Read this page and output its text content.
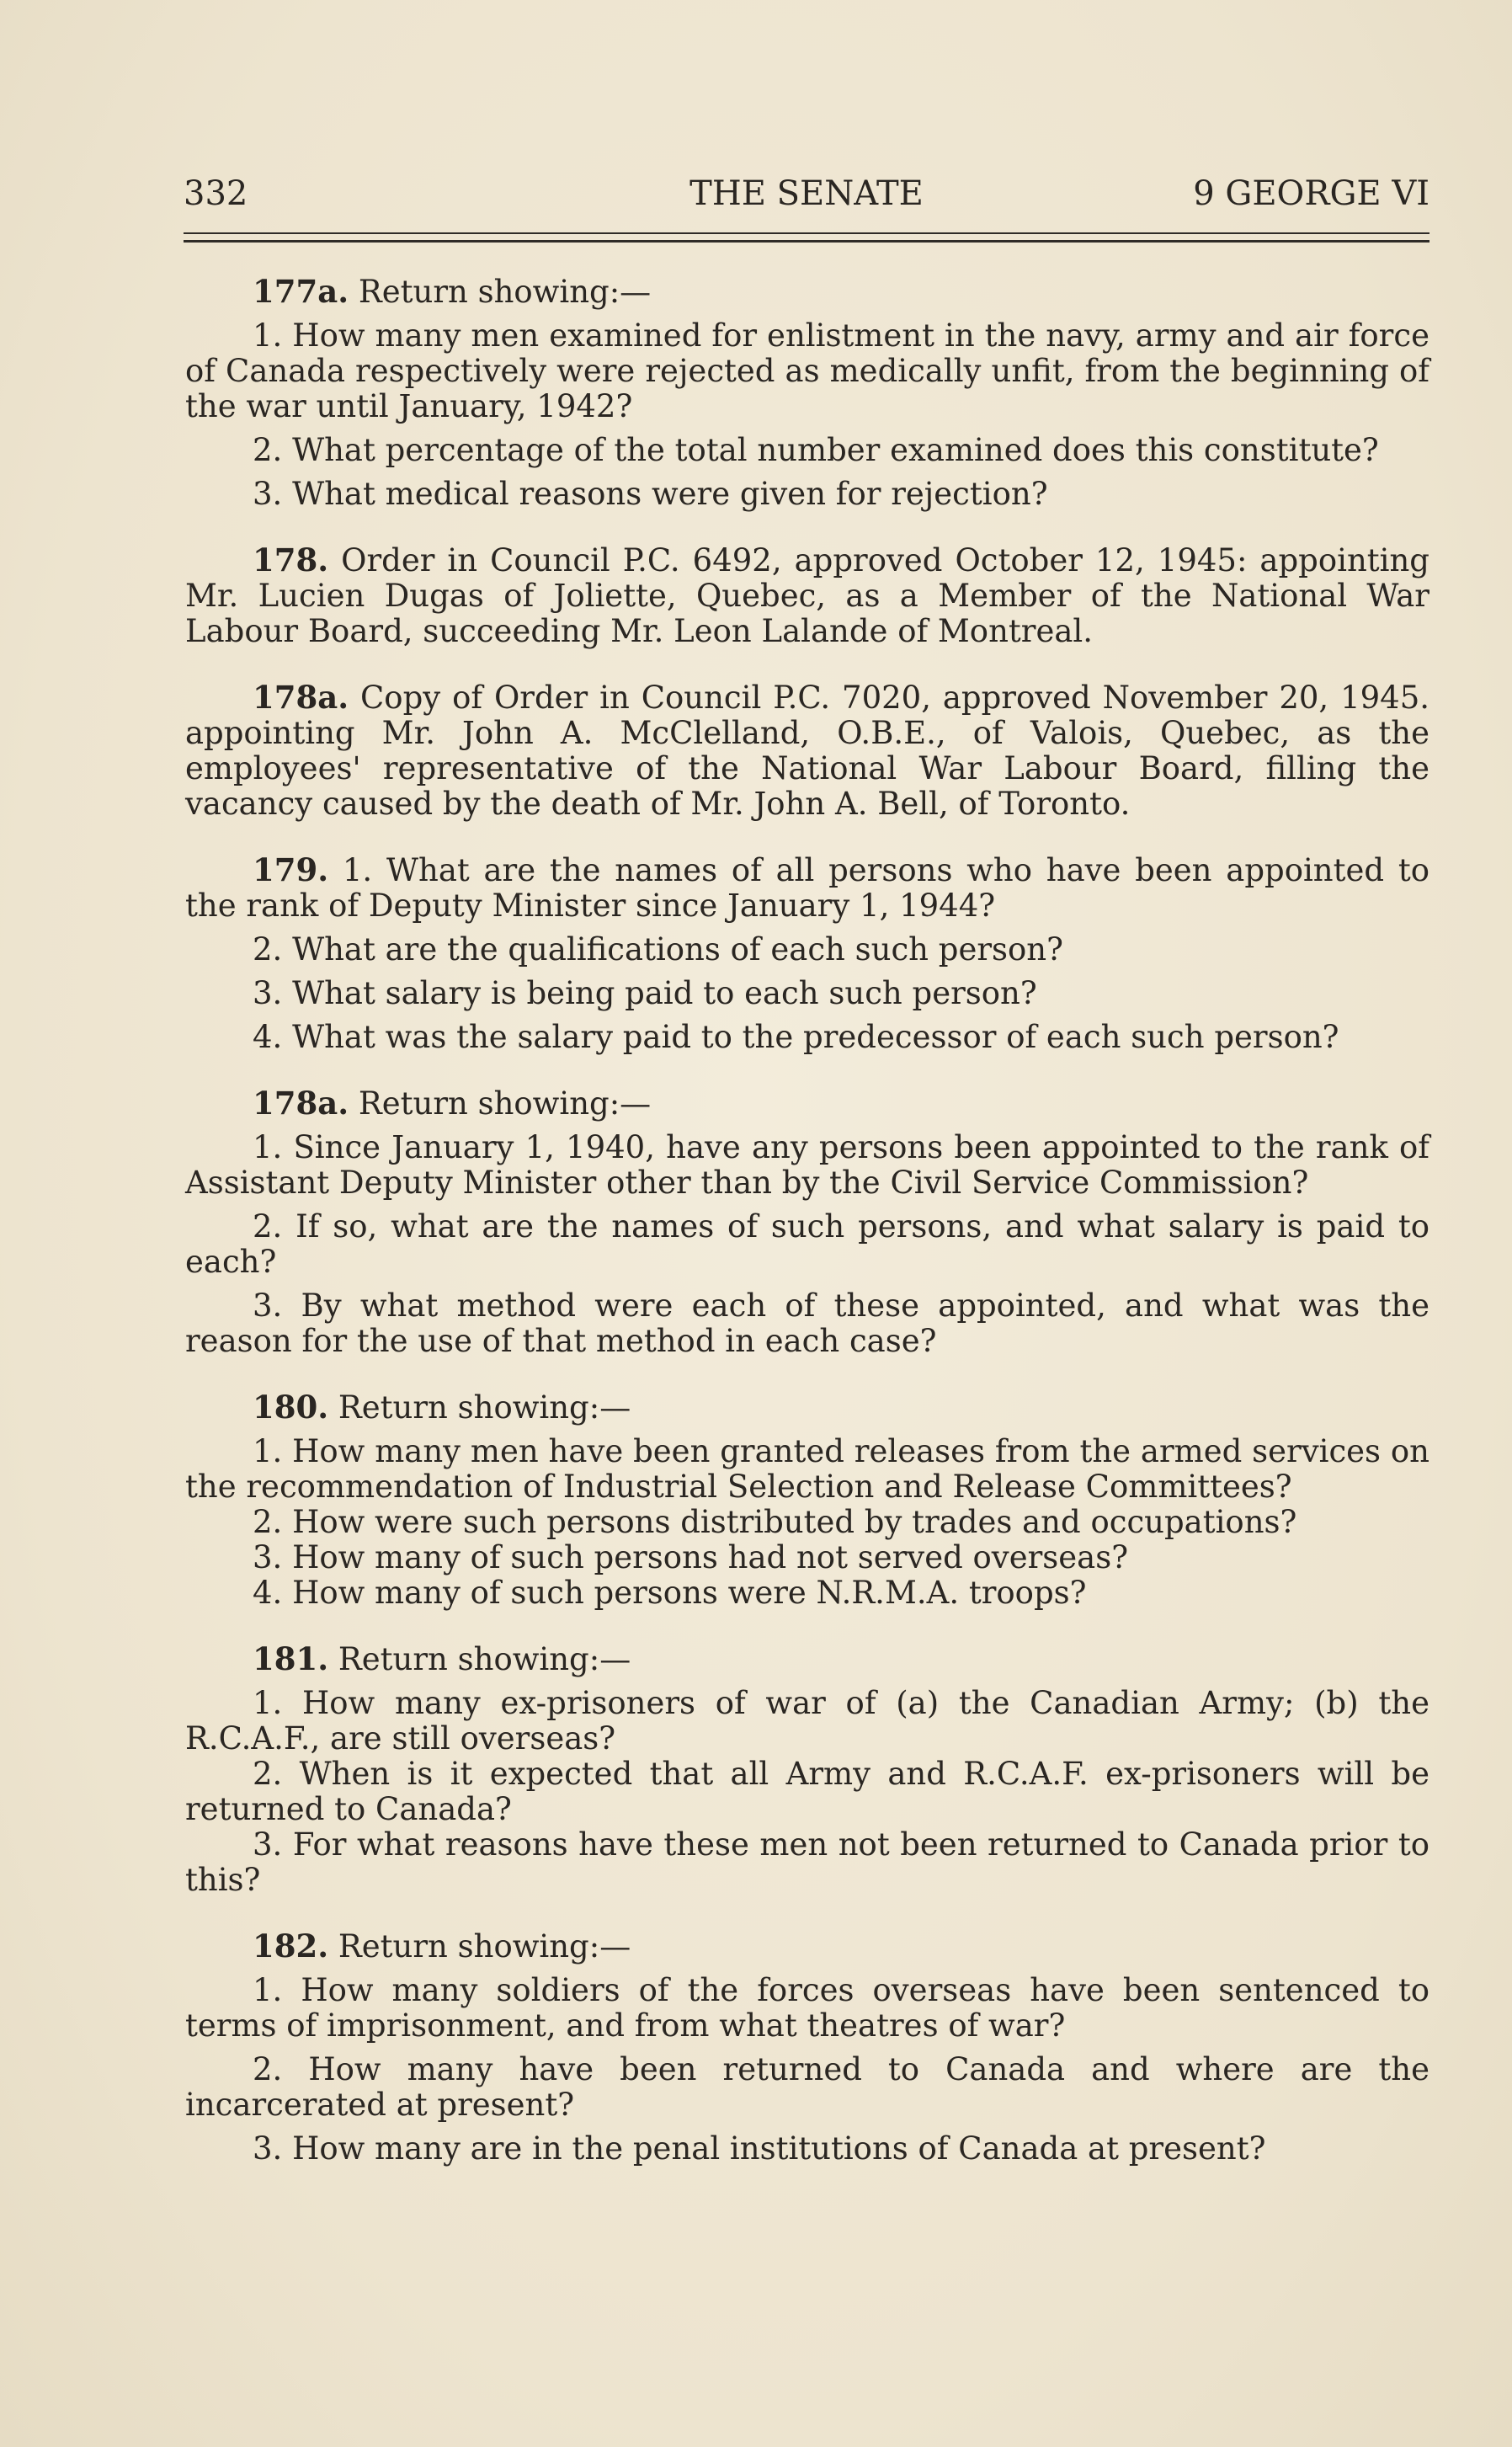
332	THE SENATE	9 GEORGE VI

177a. Return showing:—

1. How many men examined for enlistment in the navy, army and air force of Canada respectively were rejected as medically unfit, from the beginning of the war until January, 1942?

2. What percentage of the total number examined does this constitute?

3. What medical reasons were given for rejection?

178. Order in Council P.C. 6492, approved October 12, 1945: appointing Mr. Lucien Dugas of Joliette, Quebec, as a Member of the National War Labour Board, succeeding Mr. Leon Lalande of Montreal.

178a. Copy of Order in Council P.C. 7020, approved November 20, 1945. appointing Mr. John A. McClelland, O.B.E., of Valois, Quebec, as the employees' representative of the National War Labour Board, filling the vacancy caused by the death of Mr. John A. Bell, of Toronto.

179. 1. What are the names of all persons who have been appointed to the rank of Deputy Minister since January 1, 1944?

2. What are the qualifications of each such person?

3. What salary is being paid to each such person?

4. What was the salary paid to the predecessor of each such person?

178a. Return showing:—

1. Since January 1, 1940, have any persons been appointed to the rank of Assistant Deputy Minister other than by the Civil Service Commission?

2. If so, what are the names of such persons, and what salary is paid to each?

3. By what method were each of these appointed, and what was the reason for the use of that method in each case?

180. Return showing:—

1. How many men have been granted releases from the armed services on the recommendation of Industrial Selection and Release Committees?

2. How were such persons distributed by trades and occupations?

3. How many of such persons had not served overseas?

4. How many of such persons were N.R.M.A. troops?

181. Return showing:—

1. How many ex-prisoners of war of (a) the Canadian Army; (b) the R.C.A.F., are still overseas?

2. When is it expected that all Army and R.C.A.F. ex-prisoners will be returned to Canada?

3. For what reasons have these men not been returned to Canada prior to this?

182. Return showing:—

1. How many soldiers of the forces overseas have been sentenced to terms of imprisonment, and from what theatres of war?

2. How many have been returned to Canada and where are the incarcerated at present?

3. How many are in the penal institutions of Canada at present?
